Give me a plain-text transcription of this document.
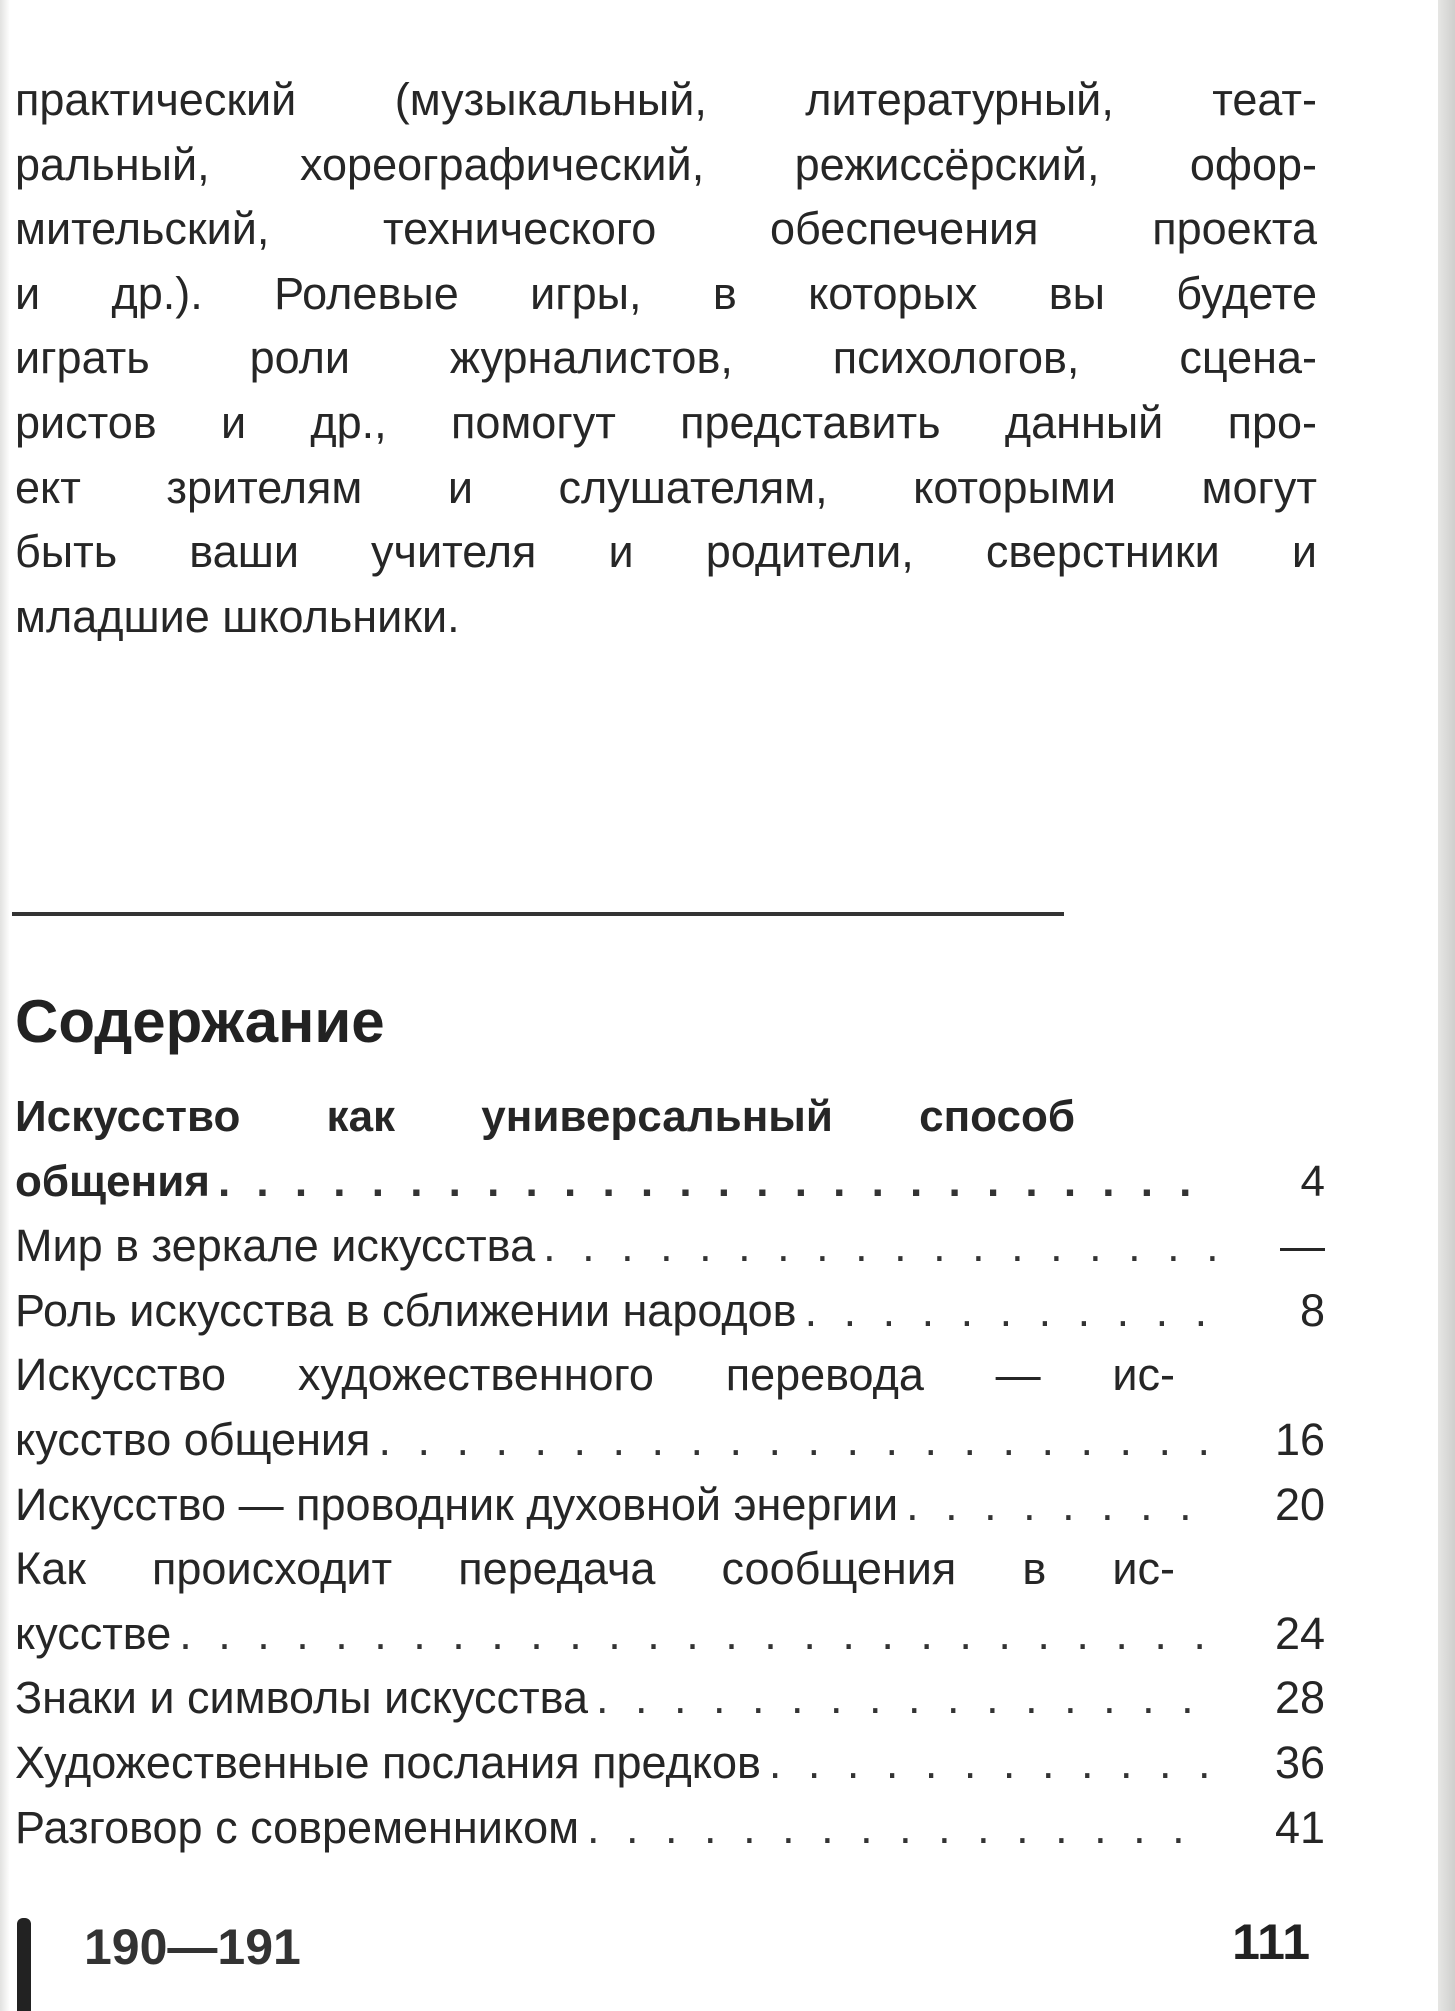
практический (музыкальный, литературный, теат-
ральный, хореографический, режиссёрский, офор-
мительский, технического обеспечения проекта
и др.). Ролевые игры, в которых вы будете
играть роли журналистов, психологов, сцена-
ристов и др., помогут представить данный про-
ект зрителям и слушателям, которыми могут
быть ваши учителя и родители, сверстники и
младшие школьники.
Содержание
Искусство как универсальный способ
общения . . .	4
Мир в зеркале искусства . . .	—
Роль искусства в сближении народов . . .	8
Искусство художественного перевода — ис-
кусство общения . . .	16
Искусство — проводник духовной энергии . . .	20
Как происходит передача сообщения в ис-
кусстве . . .	24
Знаки и символы искусства . . .	28
Художественные послания предков . . .	36
Разговор с современником . . .	41
190—191	111
